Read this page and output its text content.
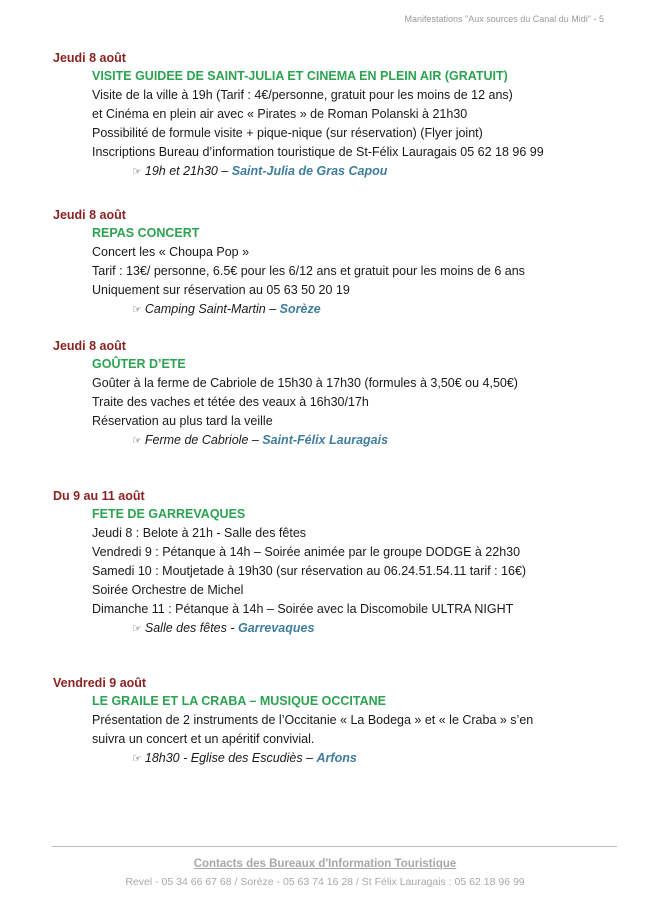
Manifestations "Aux sources du Canal du Midi" - 5
Jeudi 8 août
VISITE GUIDEE DE SAINT-JULIA ET CINEMA EN PLEIN AIR (GRATUIT)
Visite de la ville à 19h (Tarif : 4€/personne, gratuit pour les moins de 12 ans)
et Cinéma en plein air avec « Pirates » de Roman Polanski à 21h30
Possibilité de formule visite + pique-nique (sur réservation) (Flyer joint)
Inscriptions Bureau d’information touristique de St-Félix Lauragais 05 62 18 96 99
☞ 19h et 21h30 – Saint-Julia de Gras Capou
Jeudi 8 août
REPAS CONCERT
Concert les « Choupa Pop »
Tarif : 13€/ personne, 6.5€ pour les 6/12 ans et gratuit pour les moins de 6 ans
Uniquement sur réservation au 05 63 50 20 19
☞ Camping Saint-Martin – Sorèze
Jeudi 8 août
GOÛTER D’ETE
Goûter à la ferme de Cabriole de 15h30 à 17h30 (formules à 3,50€ ou 4,50€)
Traite des vaches et tétée des veaux à 16h30/17h
Réservation au plus tard la veille
☞ Ferme de Cabriole – Saint-Félix Lauragais
Du 9 au 11 août
FETE DE GARREVAQUES
Jeudi 8 : Belote à 21h - Salle des fêtes
Vendredi 9 : Pétanque à 14h – Soirée animée par le groupe DODGE à 22h30
Samedi 10 : Moutjetade à 19h30 (sur réservation au 06.24.51.54.11 tarif : 16€)
Soirée Orchestre de Michel
Dimanche 11 : Pétanque à 14h – Soirée avec la Discomobile ULTRA NIGHT
☞ Salle des fêtes - Garrevaques
Vendredi 9 août
LE GRAILE ET LA CRABA – MUSIQUE OCCITANE
Présentation de 2 instruments de l’Occitanie « La Bodega » et « le Craba » s’en
suivra un concert et un apéritif convivial.
☞ 18h30 - Eglise des Escudiès – Arfons
Contacts des Bureaux d'Information Touristique
Revel - 05 34 66 67 68 / Sorèze - 05 63 74 16 28 / St Félix Lauragais : 05 62 18 96 99
